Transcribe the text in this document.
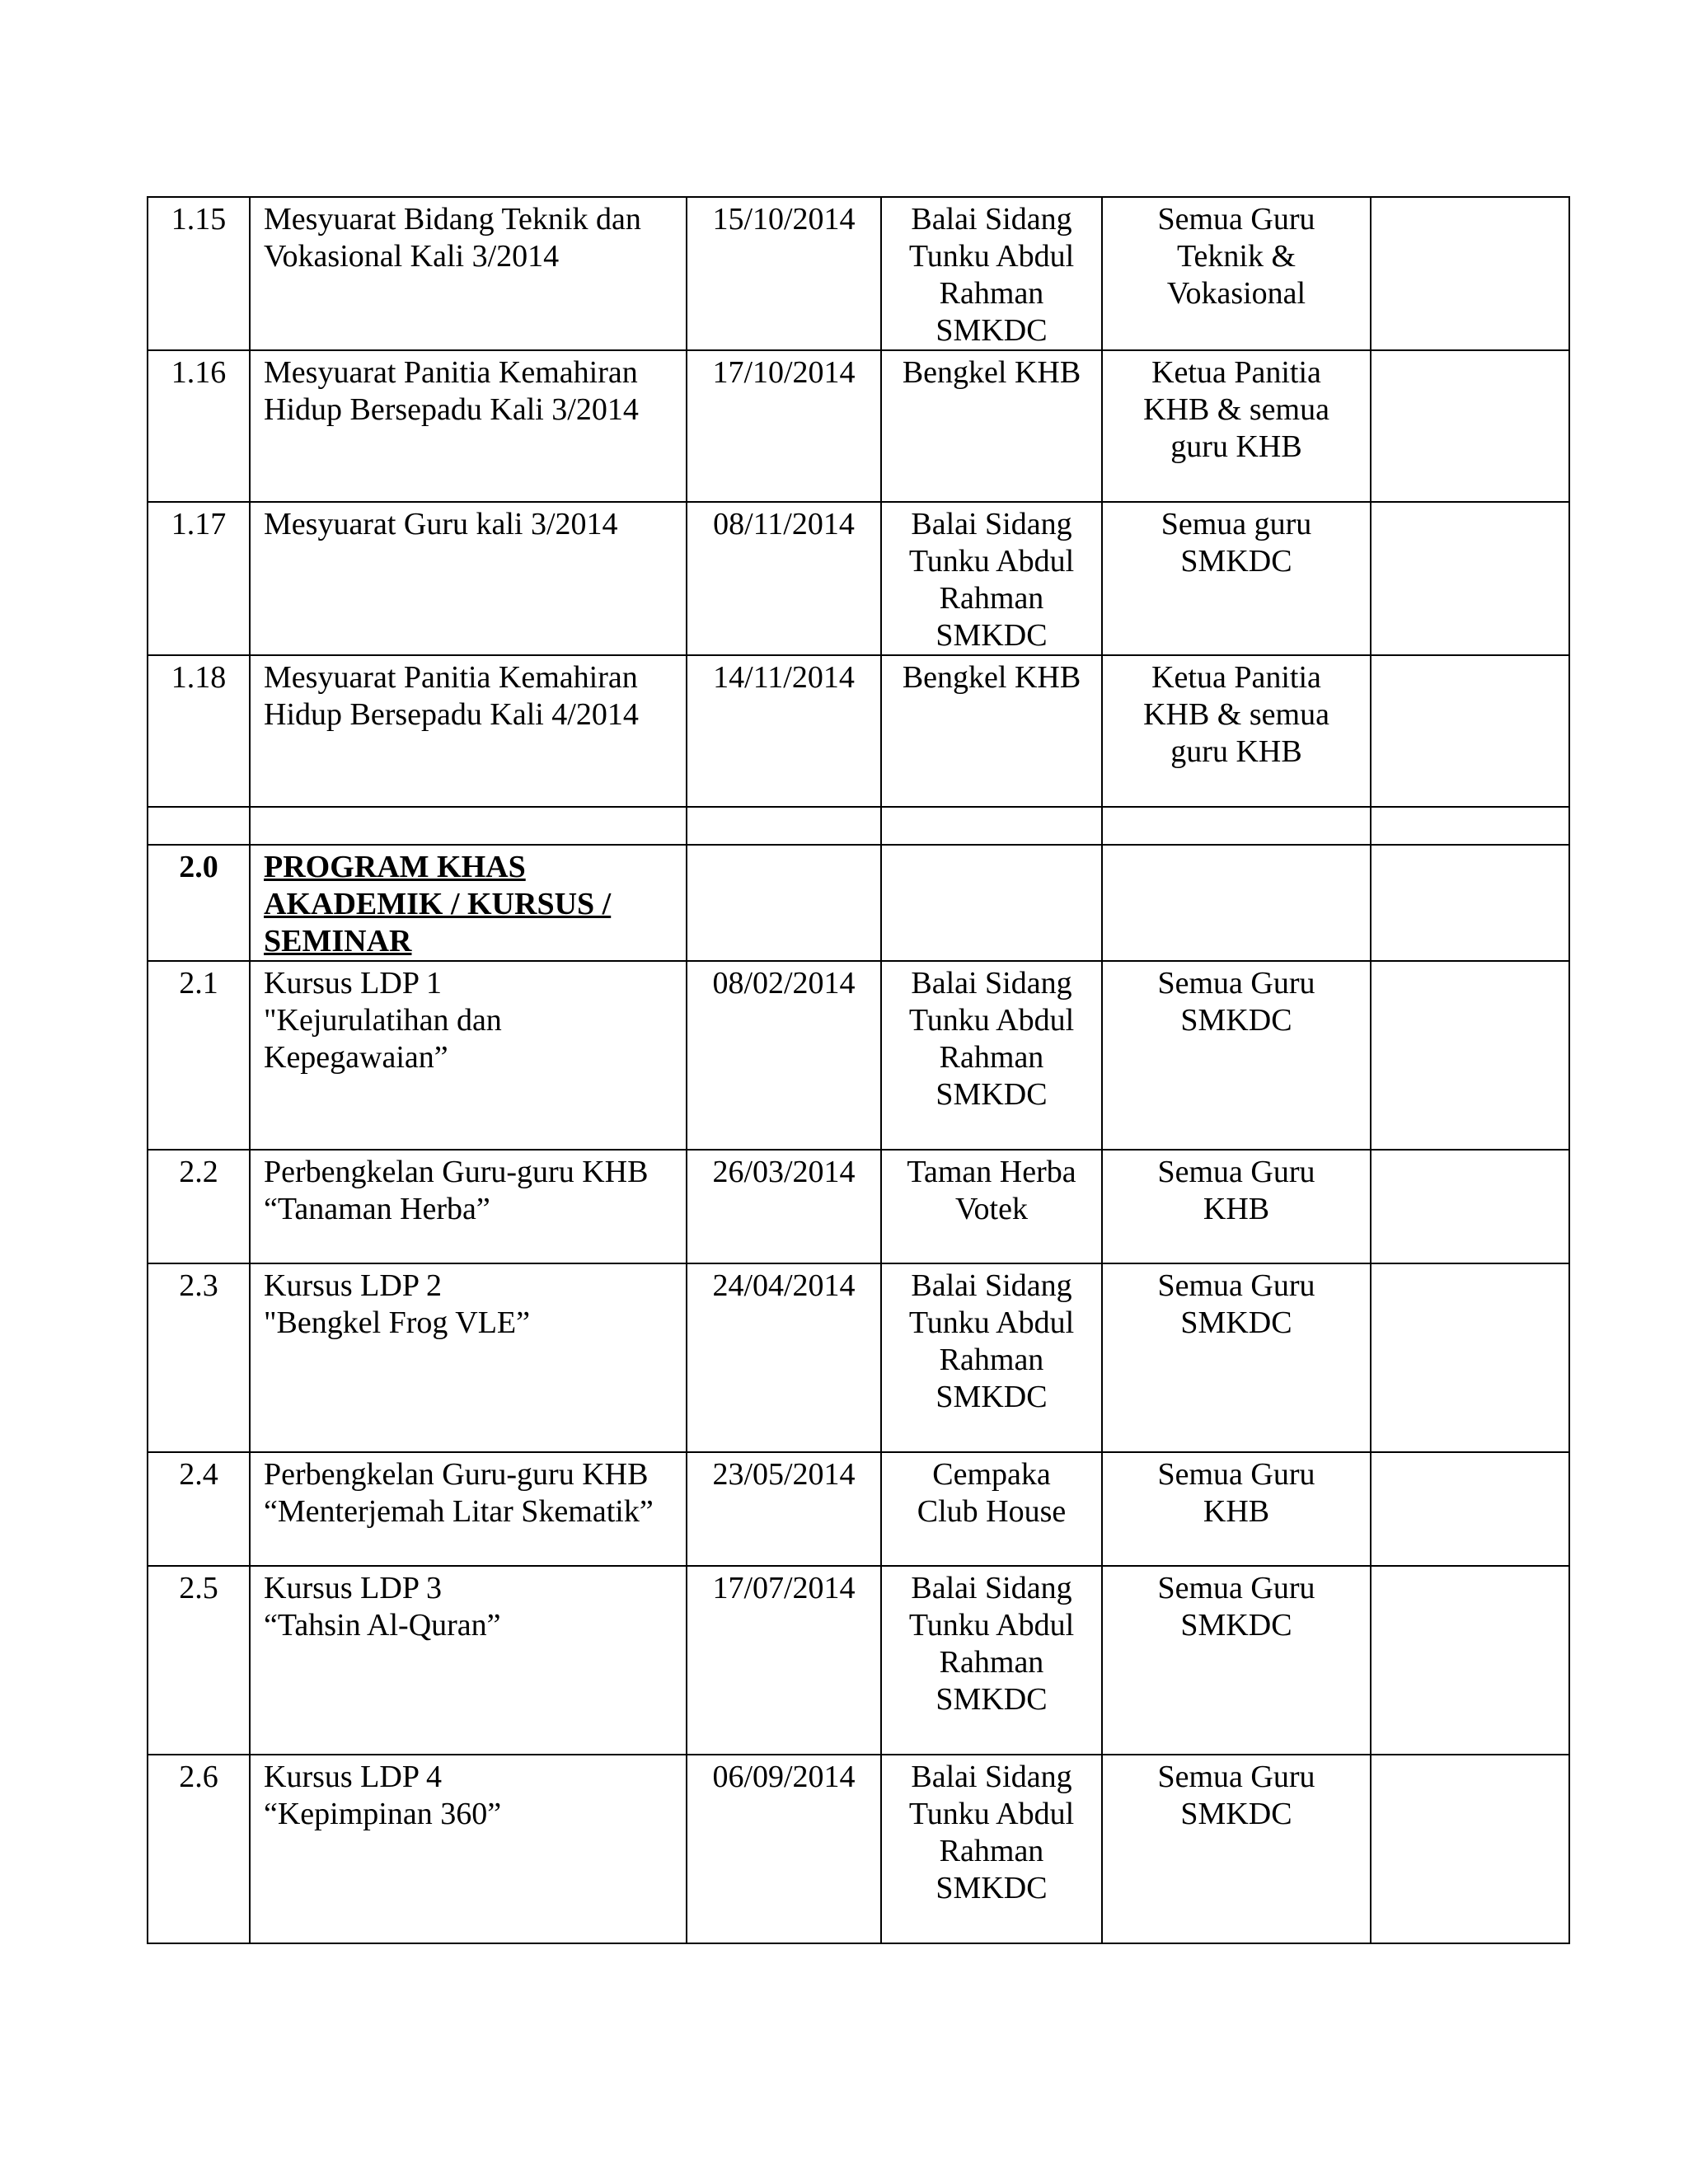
1.15	Mesyuarat Bidang Teknik dan
Vokasional Kali 3/2014	15/10/2014	Balai Sidang
Tunku Abdul
Rahman
SMKDC	Semua Guru
Teknik &
Vokasional	

1.16	Mesyuarat Panitia Kemahiran
Hidup Bersepadu Kali 3/2014	17/10/2014	Bengkel KHB	Ketua Panitia
KHB & semua
guru KHB	

1.17	Mesyuarat Guru kali 3/2014	08/11/2014	Balai Sidang
Tunku Abdul
Rahman
SMKDC	Semua guru
SMKDC	

1.18	Mesyuarat Panitia Kemahiran
Hidup Bersepadu Kali 4/2014	14/11/2014	Bengkel KHB	Ketua Panitia
KHB & semua
guru KHB	

2.0	PROGRAM KHAS
AKADEMIK / KURSUS /
SEMINAR				

2.1	Kursus LDP 1
"Kejurulatihan dan
Kepegawaian”	08/02/2014	Balai Sidang
Tunku Abdul
Rahman
SMKDC	Semua Guru
SMKDC	

2.2	Perbengkelan Guru-guru KHB
“Tanaman Herba”	26/03/2014	Taman Herba
Votek	Semua Guru
KHB	

2.3	Kursus LDP 2
"Bengkel Frog VLE”	24/04/2014	Balai Sidang
Tunku Abdul
Rahman
SMKDC	Semua Guru
SMKDC	

2.4	Perbengkelan Guru-guru KHB
“Menterjemah Litar Skematik”	23/05/2014	Cempaka
Club House	Semua Guru
KHB	

2.5	Kursus LDP 3
“Tahsin Al-Quran”	17/07/2014	Balai Sidang
Tunku Abdul
Rahman
SMKDC	Semua Guru
SMKDC	

2.6	Kursus LDP 4
“Kepimpinan 360”	06/09/2014	Balai Sidang
Tunku Abdul
Rahman
SMKDC	Semua Guru
SMKDC	
